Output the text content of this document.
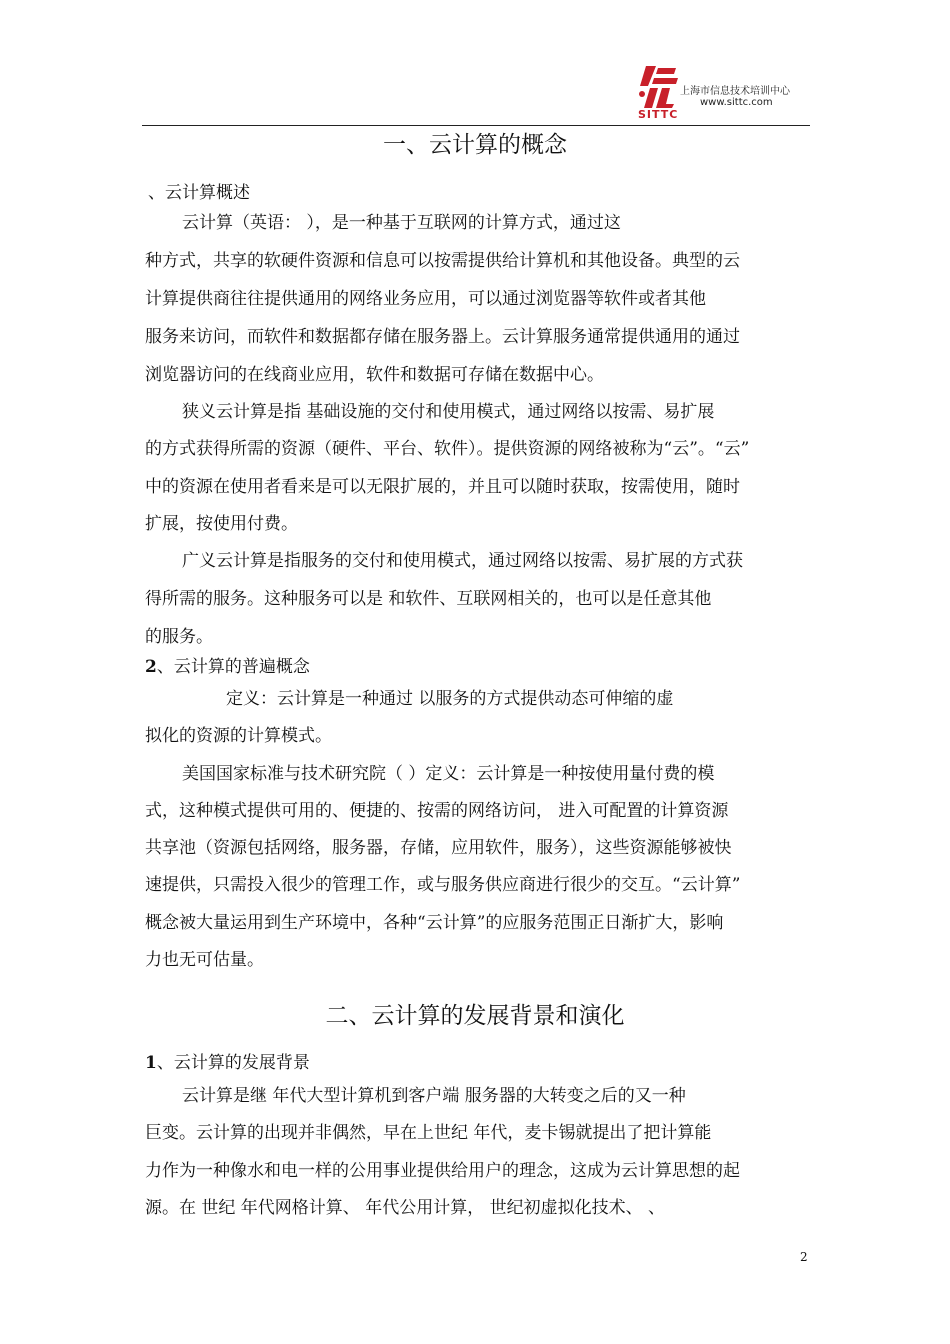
上海市信息技术培训中心
www.sittc.com
SITTC
一、云计算的概念
、云计算概述
云计算（英语： ），是一种基于互联网的计算方式，通过这
种方式，共享的软硬件资源和信息可以按需提供给计算机和其他设备。典型的云
计算提供商往往提供通用的网络业务应用，可以通过浏览器等软件或者其他
服务来访问，而软件和数据都存储在服务器上。云计算服务通常提供通用的通过
浏览器访问的在线商业应用，软件和数据可存储在数据中心。
狭义云计算是指 基础设施的交付和使用模式，通过网络以按需、易扩展
的方式获得所需的资源（硬件、平台、软件）。提供资源的网络被称为“云”。“云”
中的资源在使用者看来是可以无限扩展的，并且可以随时获取，按需使用，随时
扩展，按使用付费。
广义云计算是指服务的交付和使用模式，通过网络以按需、易扩展的方式获
得所需的服务。这种服务可以是 和软件、互联网相关的，也可以是任意其他
的服务。
2、云计算的普遍概念
定义：云计算是一种通过 以服务的方式提供动态可伸缩的虚
拟化的资源的计算模式。
美国国家标准与技术研究院（ ）定义：云计算是一种按使用量付费的模
式，这种模式提供可用的、便捷的、按需的网络访问， 进入可配置的计算资源
共享池（资源包括网络，服务器，存储，应用软件，服务），这些资源能够被快
速提供，只需投入很少的管理工作，或与服务供应商进行很少的交互。“云计算”
概念被大量运用到生产环境中，各种“云计算”的应服务范围正日渐扩大，影响
力也无可估量。
二、云计算的发展背景和演化
1、云计算的发展背景
云计算是继 年代大型计算机到客户端 服务器的大转变之后的又一种
巨变。云计算的出现并非偶然，早在上世纪 年代，麦卡锡就提出了把计算能
力作为一种像水和电一样的公用事业提供给用户的理念，这成为云计算思想的起
源。在 世纪 年代网格计算、 年代公用计算， 世纪初虚拟化技术、 、
2
